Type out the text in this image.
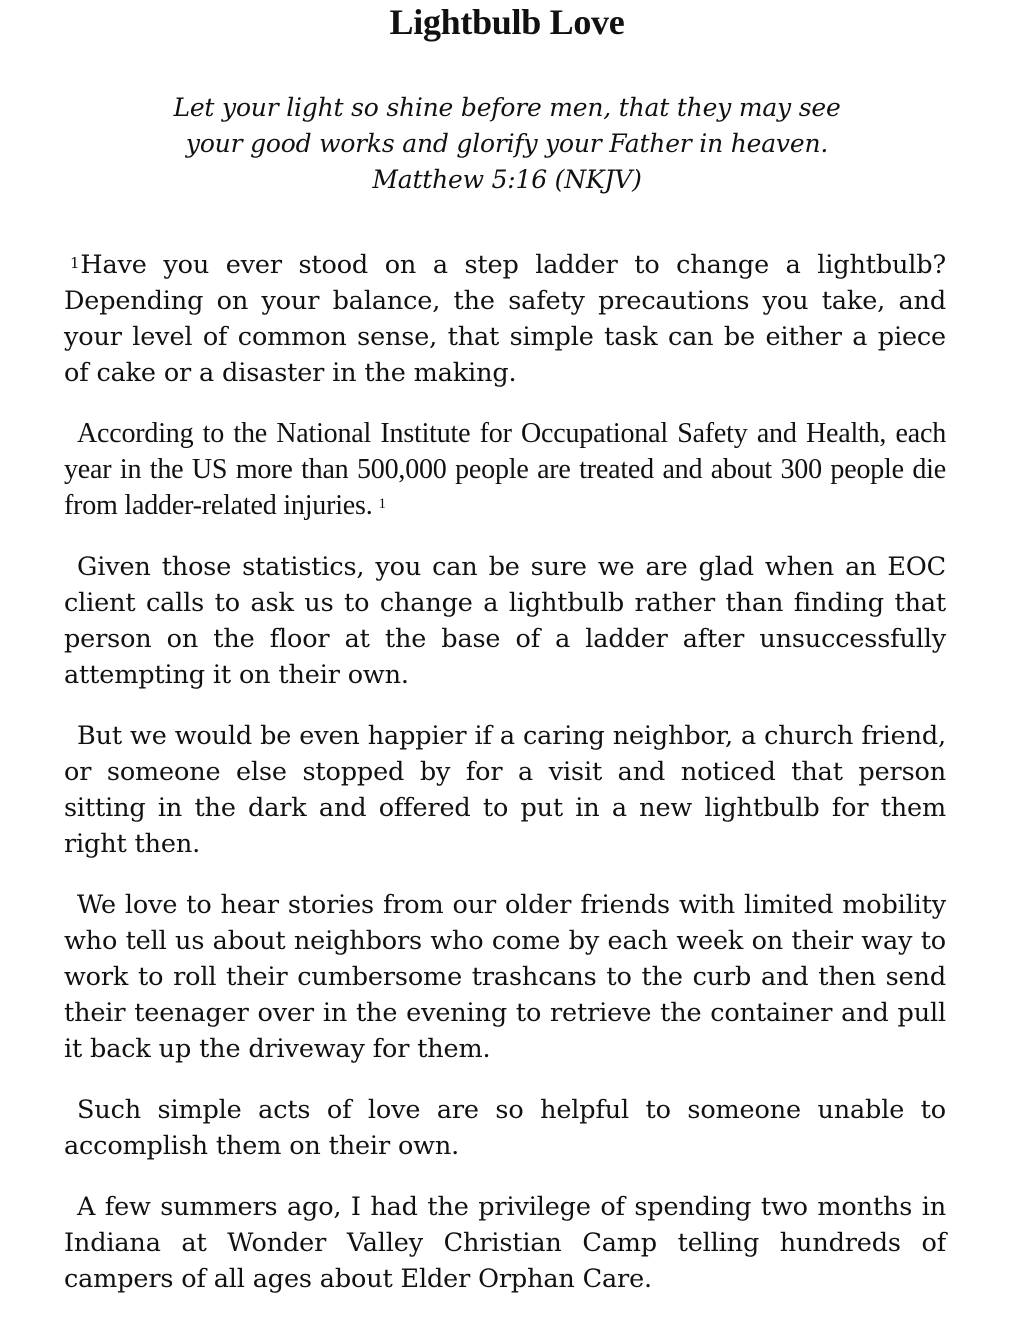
Lightbulb Love
Let your light so shine before men, that they may see
your good works and glorify your Father in heaven.
Matthew 5:16 (NKJV)

$^1$Have you ever stood on a step ladder to change a lightbulb? Depending on your balance, the safety precautions you take, and your level of common sense, that simple task can be either a piece of cake or a disaster in the making.

According to the National Institute for Occupational Safety and Health, each year in the US more than 500,000 people are treated and about 300 people die from ladder-related injuries. $^1$

Given those statistics, you can be sure we are glad when an EOC client calls to ask us to change a lightbulb rather than finding that person on the floor at the base of a ladder after unsuccessfully attempting it on their own.

But we would be even happier if a caring neighbor, a church friend, or someone else stopped by for a visit and noticed that person sitting in the dark and offered to put in a new lightbulb for them right then.

We love to hear stories from our older friends with limited mobility who tell us about neighbors who come by each week on their way to work to roll their cumbersome trashcans to the curb and then send their teenager over in the evening to retrieve the container and pull it back up the driveway for them.

Such simple acts of love are so helpful to someone unable to accomplish them on their own.

A few summers ago, I had the privilege of spending two months in Indiana at Wonder Valley Christian Camp telling hundreds of campers of all ages about Elder Orphan Care.
